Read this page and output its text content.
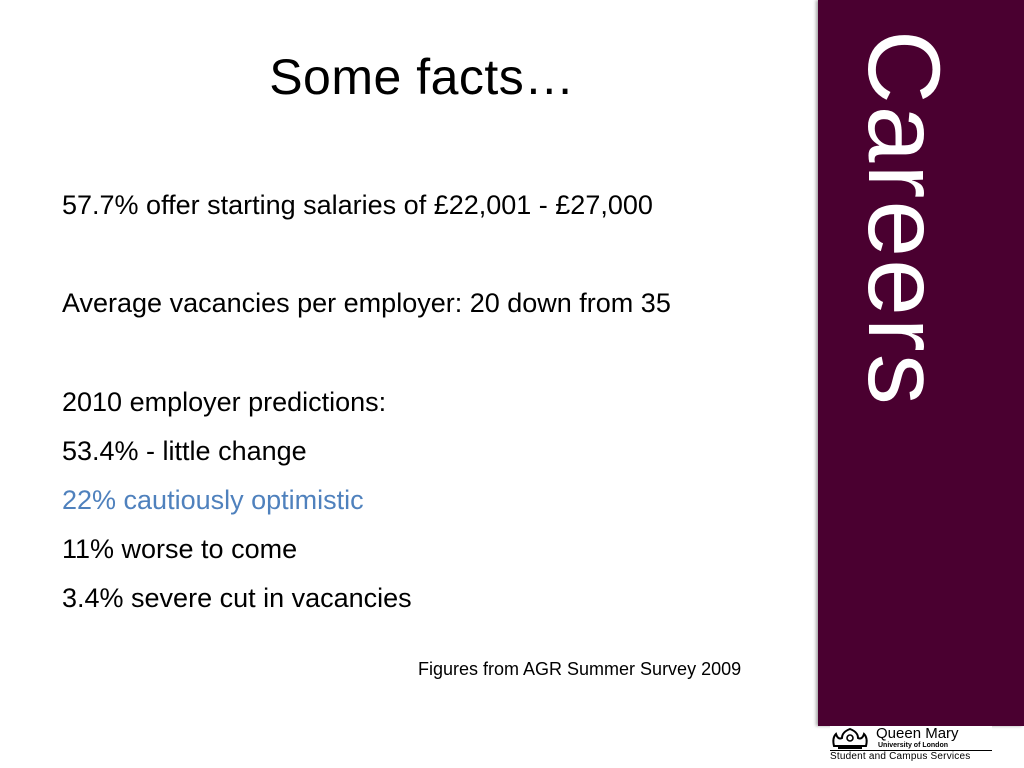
Some facts…
57.7% offer starting salaries of £22,001 - £27,000
Average vacancies per employer: 20 down from 35
2010 employer predictions:
53.4% - little change
22% cautiously optimistic
11% worse to come
3.4% severe cut in vacancies
Figures from AGR Summer Survey 2009
Careers
Queen Mary
University of London
Student and Campus Services
